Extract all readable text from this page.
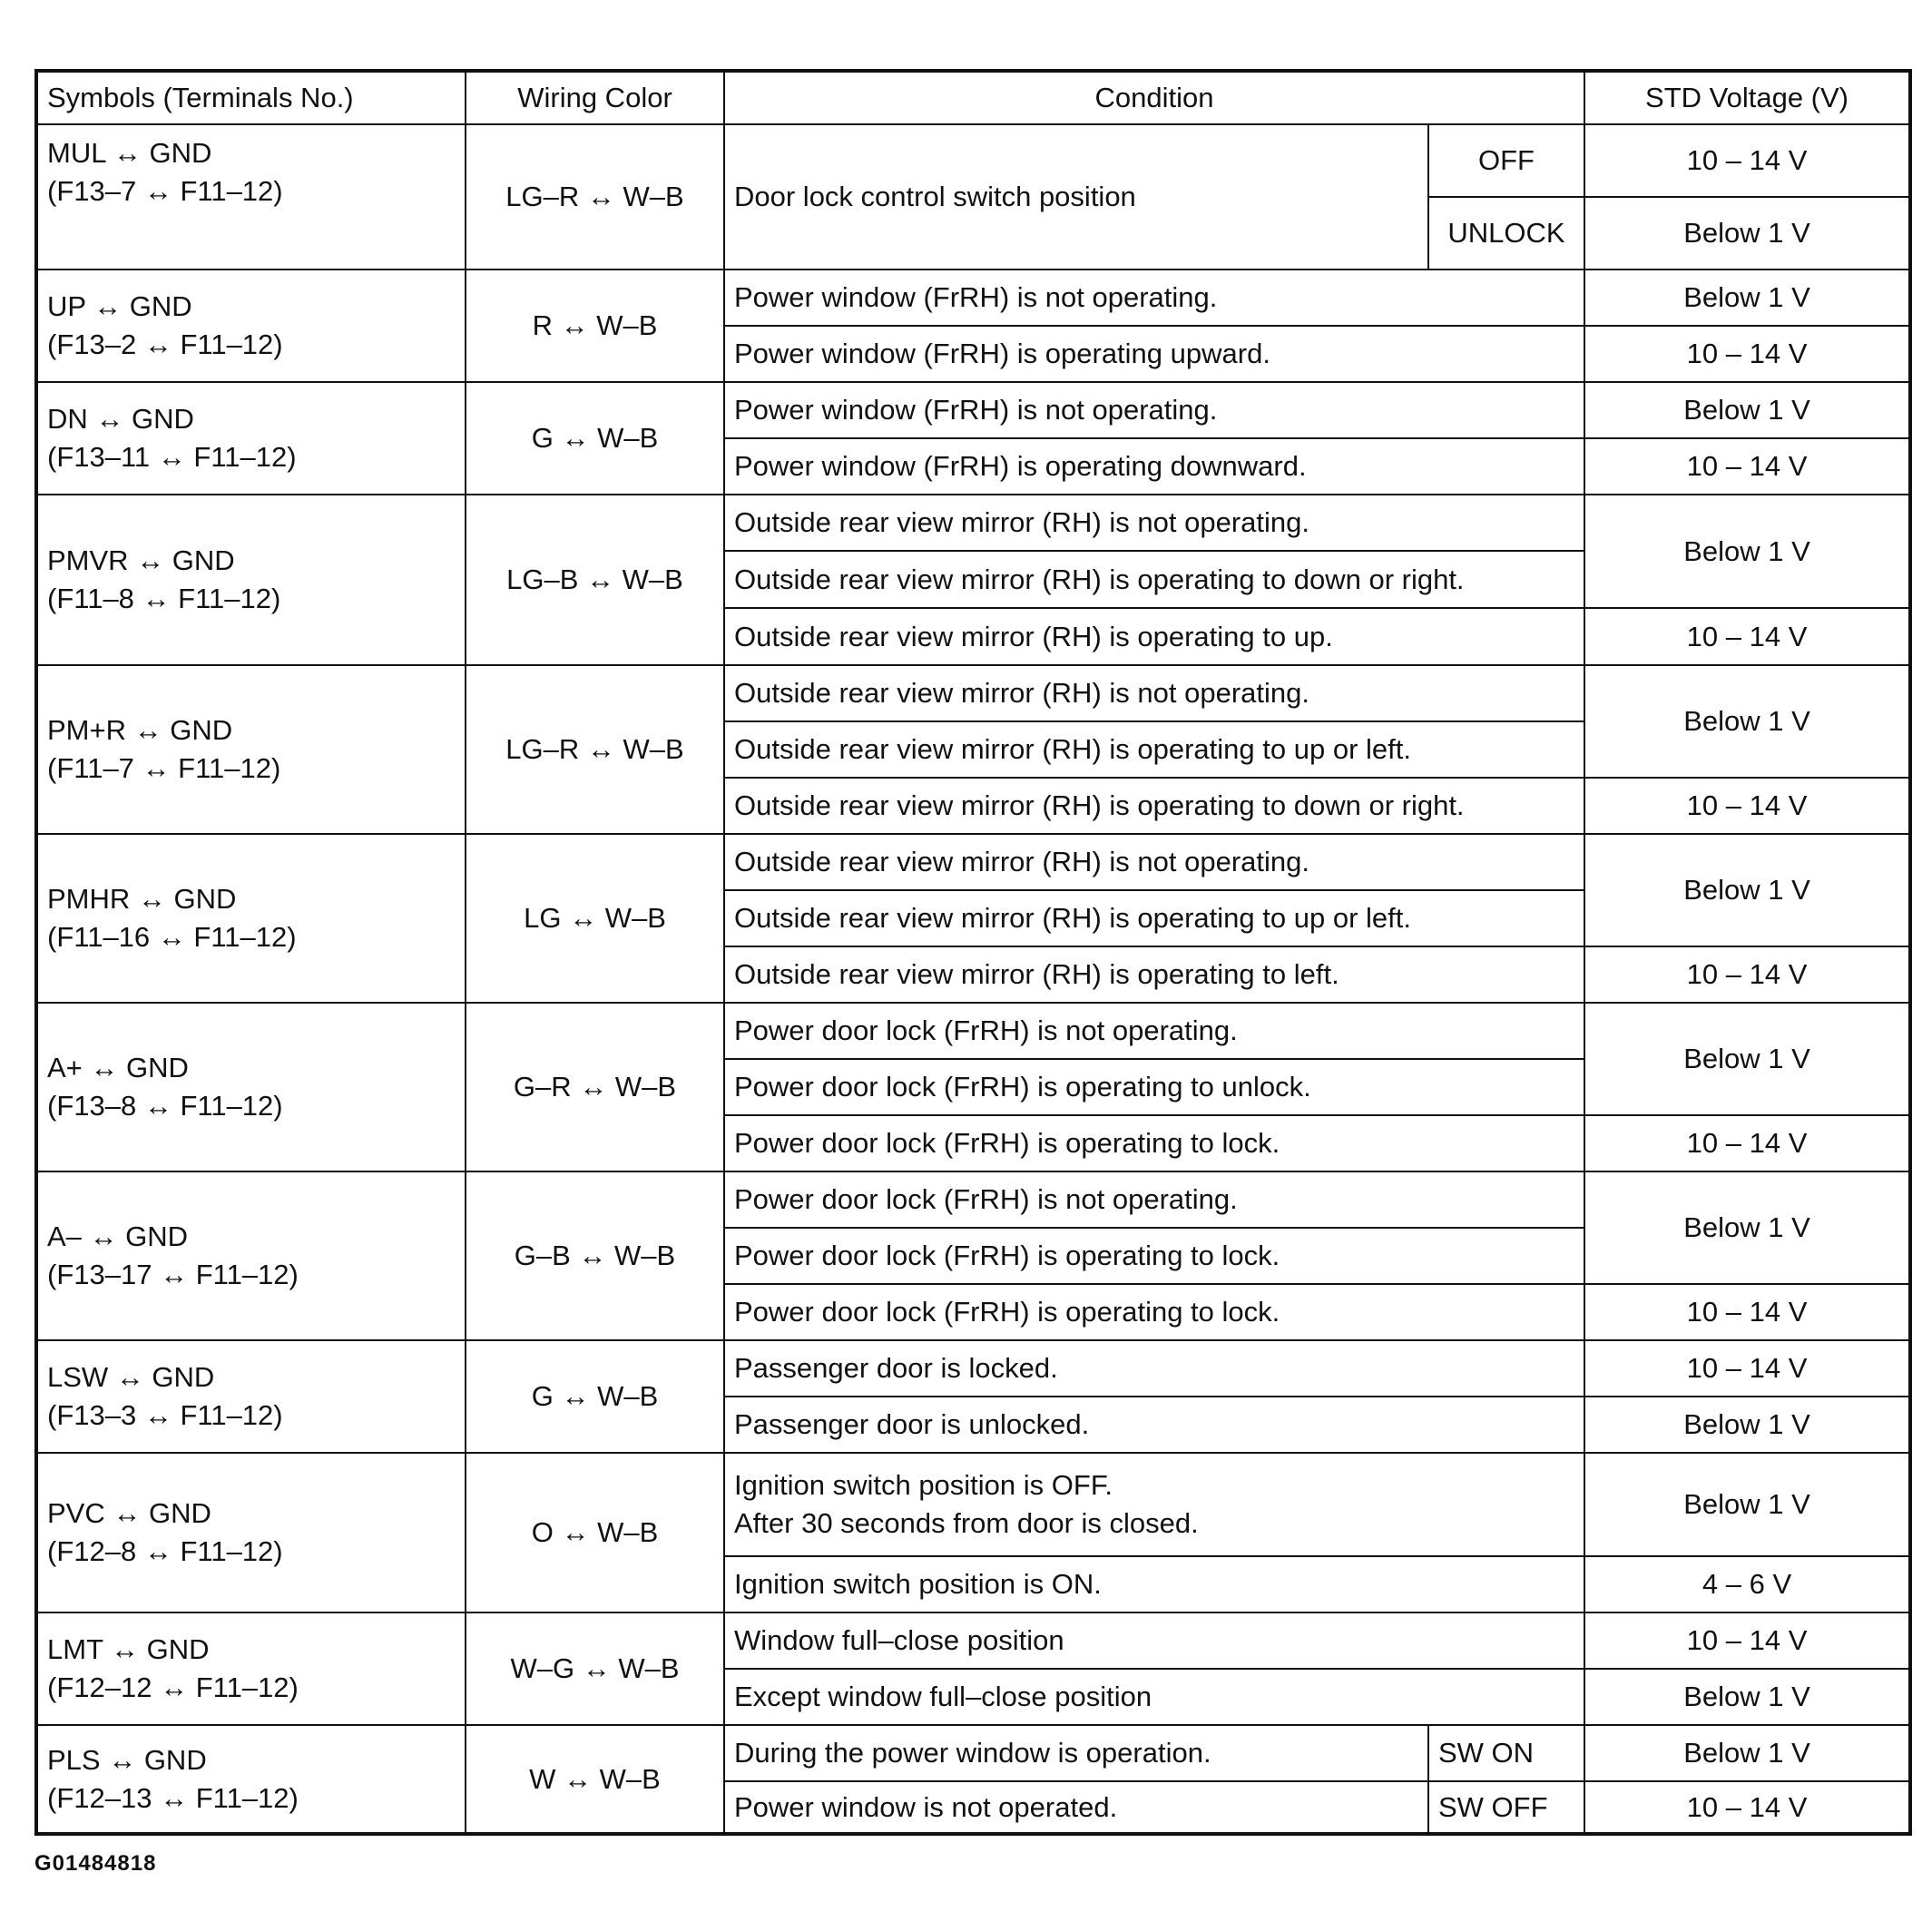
Symbols (Terminals No.)	Wiring Color	Condition		STD Voltage (V)

MUL ↔ GND
(F13–7 ↔ F11–12)	LG–R ↔ W–B	Door lock control switch position	OFF	10 – 14 V
			UNLOCK	Below 1 V

UP ↔ GND
(F13–2 ↔ F11–12)	R ↔ W–B	Power window (FrRH) is not operating.		Below 1 V
		Power window (FrRH) is operating upward.		10 – 14 V

DN ↔ GND
(F13–11 ↔ F11–12)	G ↔ W–B	Power window (FrRH) is not operating.		Below 1 V
		Power window (FrRH) is operating downward.		10 – 14 V

PMVR ↔ GND
(F11–8 ↔ F11–12)	LG–B ↔ W–B	Outside rear view mirror (RH) is not operating.		Below 1 V
		Outside rear view mirror (RH) is operating to down or right.		
		Outside rear view mirror (RH) is operating to up.		10 – 14 V

PM+R ↔ GND
(F11–7 ↔ F11–12)	LG–R ↔ W–B	Outside rear view mirror (RH) is not operating.		Below 1 V
		Outside rear view mirror (RH) is operating to up or left.		
		Outside rear view mirror (RH) is operating to down or right.		10 – 14 V

PMHR ↔ GND
(F11–16 ↔ F11–12)	LG ↔ W–B	Outside rear view mirror (RH) is not operating.		Below 1 V
		Outside rear view mirror (RH) is operating to up or left.		
		Outside rear view mirror (RH) is operating to left.		10 – 14 V

A+ ↔ GND
(F13–8 ↔ F11–12)	G–R ↔ W–B	Power door lock (FrRH) is not operating.		Below 1 V
		Power door lock (FrRH) is operating to unlock.		
		Power door lock (FrRH) is operating to lock.		10 – 14 V

A– ↔ GND
(F13–17 ↔ F11–12)	G–B ↔ W–B	Power door lock (FrRH) is not operating.		Below 1 V
		Power door lock (FrRH) is operating to lock.		
		Power door lock (FrRH) is operating to lock.		10 – 14 V

LSW ↔ GND
(F13–3 ↔ F11–12)	G ↔ W–B	Passenger door is locked.		10 – 14 V
		Passenger door is unlocked.		Below 1 V

PVC ↔ GND
(F12–8 ↔ F11–12)	O ↔ W–B	Ignition switch position is OFF.
After 30 seconds from door is closed.		Below 1 V
		Ignition switch position is ON.		4 – 6 V

LMT ↔ GND
(F12–12 ↔ F11–12)	W–G ↔ W–B	Window full–close position		10 – 14 V
		Except window full–close position		Below 1 V

PLS ↔ GND
(F12–13 ↔ F11–12)	W ↔ W–B	During the power window is operation.	SW ON	Below 1 V
		Power window is not operated.	SW OFF	10 – 14 V
G01484818
